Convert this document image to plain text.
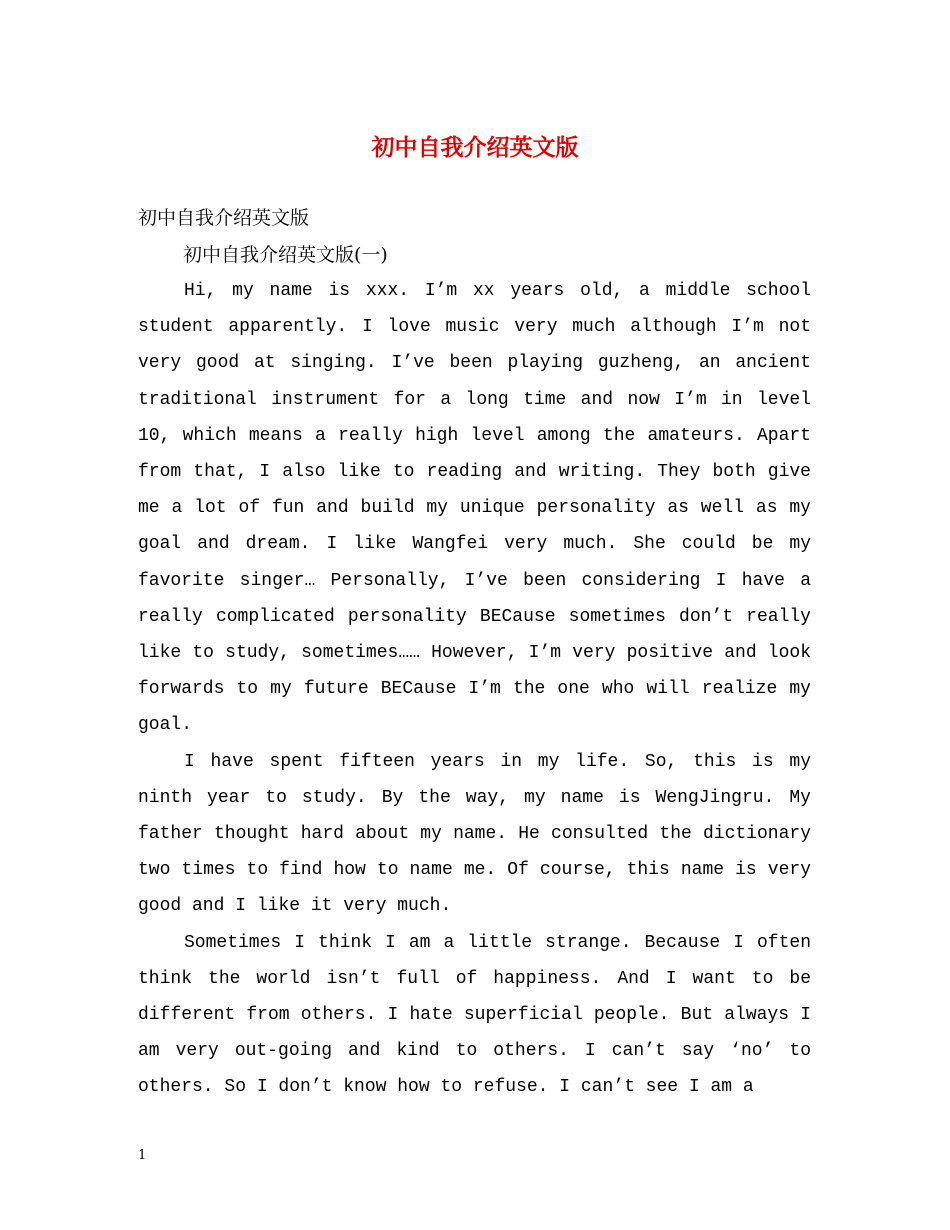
初中自我介绍英文版
初中自我介绍英文版
初中自我介绍英文版(一)

Hi, my name is xxx. I’m xx years old, a middle school student apparently. I love music very much although I’m not very good at singing. I’ve been playing guzheng, an ancient traditional instrument for a long time and now I’m in level 10, which means a really high level among the amateurs. Apart from that, I also like to reading and writing. They both give me a lot of fun and build my unique personality as well as my goal and dream. I like Wangfei very much. She could be my favorite singer… Personally, I’ve been considering I have a really complicated personality BECause sometimes don’t really like to study, sometimes…… However, I’m very positive and look forwards to my future BECause I’m the one who will realize my goal.

I have spent fifteen years in my life. So, this is my ninth year to study. By the way, my name is WengJingru. My father thought hard about my name. He consulted the dictionary two times to find how to name me. Of course, this name is very good and I like it very much.

Sometimes I think I am a little strange. Because I often think the world isn’t full of happiness. And I want to be different from others. I hate superficial people. But always I am very out-going and kind to others. I can’t say ‘no’ to others. So I don’t know how to refuse. I can’t see I am a

1
